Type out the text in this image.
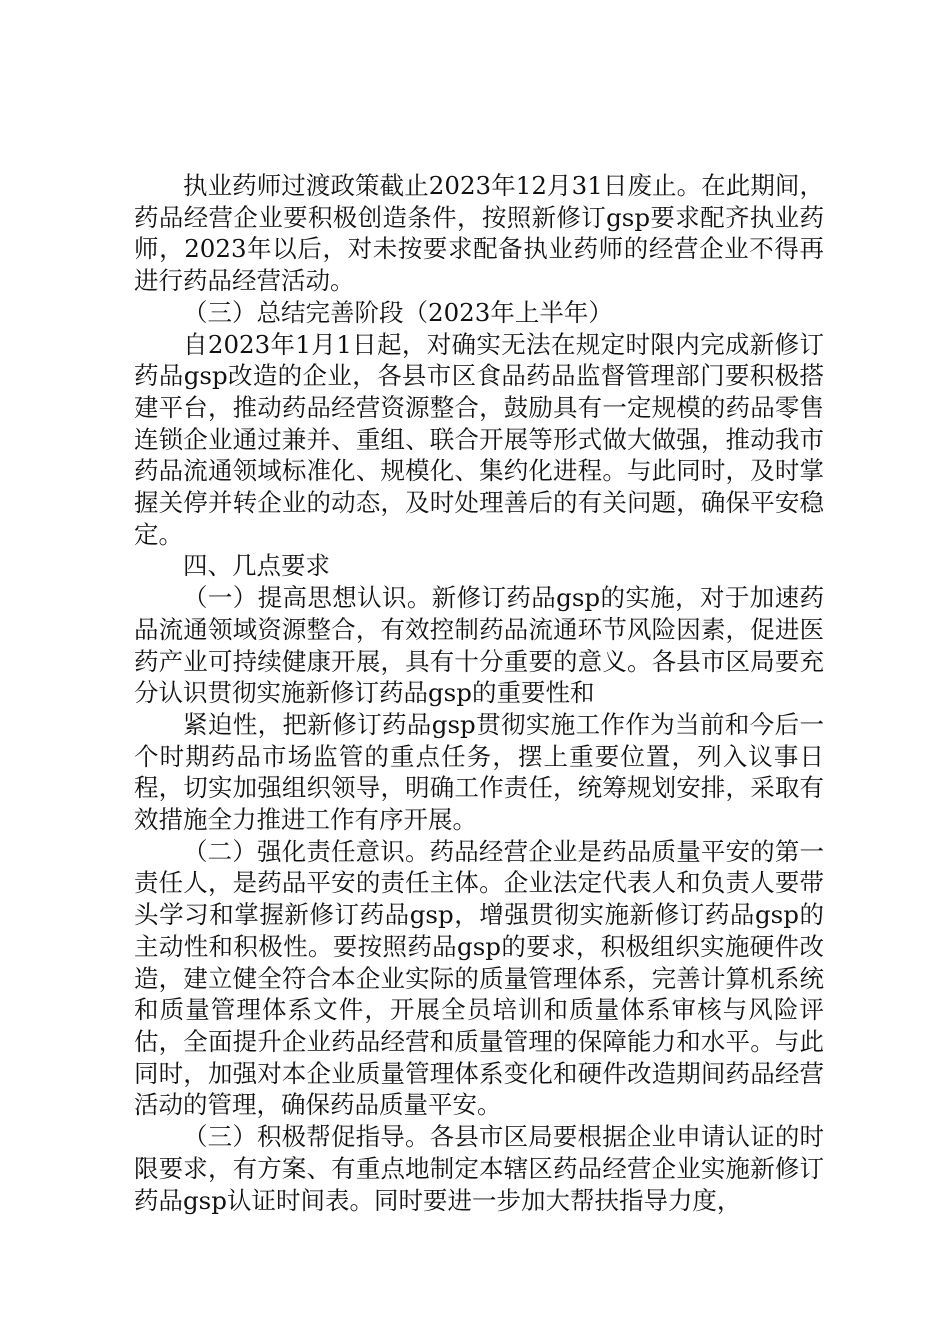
执业药师过渡政策截止2023年12月31日废止。在此期间，药品经营企业要积极创造条件，按照新修订gsp要求配齐执业药师，2023年以后，对未按要求配备执业药师的经营企业不得再进行药品经营活动。

（三）总结完善阶段（2023年上半年）

自2023年1月1日起，对确实无法在规定时限内完成新修订药品gsp改造的企业，各县市区食品药品监督管理部门要积极搭建平台，推动药品经营资源整合，鼓励具有一定规模的药品零售连锁企业通过兼并、重组、联合开展等形式做大做强，推动我市药品流通领域标准化、规模化、集约化进程。与此同时，及时掌握关停并转企业的动态，及时处理善后的有关问题，确保平安稳定。

四、几点要求

（一）提高思想认识。新修订药品gsp的实施，对于加速药品流通领域资源整合，有效控制药品流通环节风险因素，促进医药产业可持续健康开展，具有十分重要的意义。各县市区局要充分认识贯彻实施新修订药品gsp的重要性和

紧迫性，把新修订药品gsp贯彻实施工作作为当前和今后一个时期药品市场监管的重点任务，摆上重要位置，列入议事日程，切实加强组织领导，明确工作责任，统筹规划安排，采取有效措施全力推进工作有序开展。

（二）强化责任意识。药品经营企业是药品质量平安的第一责任人，是药品平安的责任主体。企业法定代表人和负责人要带头学习和掌握新修订药品gsp，增强贯彻实施新修订药品gsp的主动性和积极性。要按照药品gsp的要求，积极组织实施硬件改造，建立健全符合本企业实际的质量管理体系，完善计算机系统和质量管理体系文件，开展全员培训和质量体系审核与风险评估，全面提升企业药品经营和质量管理的保障能力和水平。与此同时，加强对本企业质量管理体系变化和硬件改造期间药品经营活动的管理，确保药品质量平安。

（三）积极帮促指导。各县市区局要根据企业申请认证的时限要求，有方案、有重点地制定本辖区药品经营企业实施新修订药品gsp认证时间表。同时要进一步加大帮扶指导力度，
